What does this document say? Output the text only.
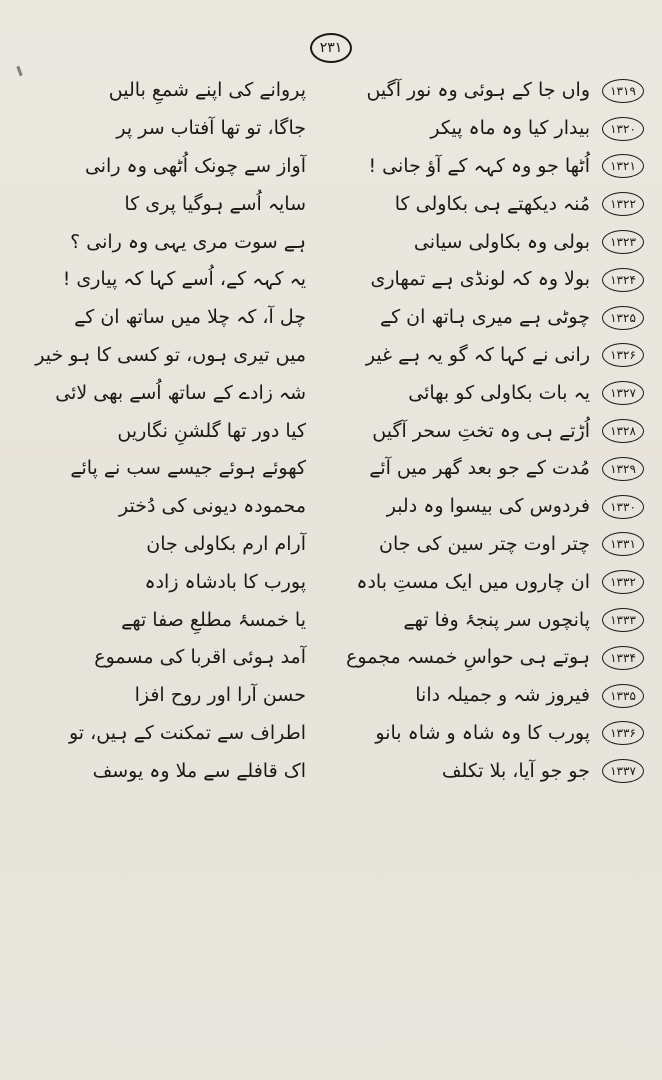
۲۳۱
پروانے کی اپنے شمعِ بالیں	واں جا کے ہوئی وہ نور آگیں	۱۳۱۹
جاگا، تو تھا آفتاب سر پر	بیدار کیا وہ ماہ پیکر	۱۳۲۰
آواز سے چونک اُٹھی وہ رانی	اُٹھا جو وہ کہہ کے آؤ جانی !	۱۳۲۱
سایہ اُسے ہوگیا پری کا	مُنہ دیکھتے ہی بکاولی کا	۱۳۲۲
ہے سوت مری یہی وہ رانی ؟	بولی وہ بکاولی سیانی	۱۳۲۳
یہ کہہ کے، اُسے کہا کہ پیاری !	بولا وہ کہ لونڈی ہے تمھاری	۱۳۲۴
چل آ، کہ چلا میں ساتھ ان کے	چوٹی ہے میری ہاتھ ان کے	۱۳۲۵
میں تیری ہوں، تو کسی کا ہو خیر	رانی نے کہا کہ گو یہ ہے غیر	۱۳۲۶
شہ زادے کے ساتھ اُسے بھی لائی	یہ بات بکاولی کو بھائی	۱۳۲۷
کیا دور تھا گلشنِ نگاریں	اُڑتے ہی وہ تختِ سحر آگیں	۱۳۲۸
کھوئے ہوئے جیسے سب نے پائے	مُدت کے جو بعد گھر میں آئے	۱۳۲۹
محمودہ دیونی کی دُختر	فردوس کی بیسوا وہ دلبر	۱۳۳۰
آرام ارم بکاولی جان	چتر اوت چتر سین کی جان	۱۳۳۱
پورب کا بادشاہ زادہ	ان چاروں میں ایک مستِ بادہ	۱۳۳۲
یا خمسۂ مطلعِ صفا تھے	پانچوں سر پنجۂ وفا تھے	۱۳۳۳
آمد ہوئی اقربا کی مسموع	ہوتے ہی حواسِ خمسہ مجموع	۱۳۳۴
حسن آرا اور روح افزا	فیروز شہ و جمیلہ دانا	۱۳۳۵
اطراف سے تمکنت کے ہیں، تو	پورب کا وہ شاہ و شاہ بانو	۱۳۳۶
اک قافلے سے ملا وہ یوسف	جو جو آیا، بلا تکلف	۱۳۳۷
